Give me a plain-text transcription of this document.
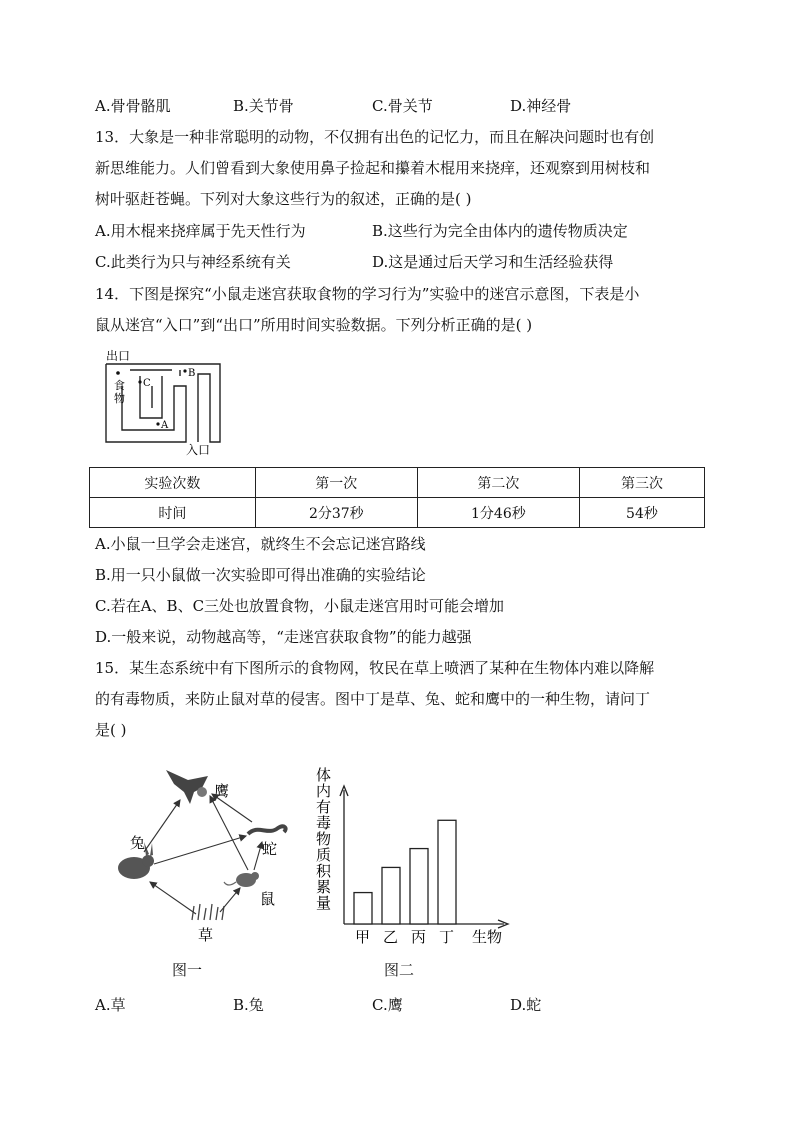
A.骨骨骼肌	B.关节骨	C.骨关节	D.神经骨
13．大象是一种非常聪明的动物，不仅拥有出色的记忆力，而且在解决问题时也有创
新思维能力。人们曾看到大象使用鼻子捡起和攥着木棍用来挠痒，还观察到用树枝和
树叶驱赶苍蝇。下列对大象这些行为的叙述，正确的是( )
A.用木棍来挠痒属于先天性行为	B.这些行为完全由体内的遗传物质决定
C.此类行为只与神经系统有关	D.这是通过后天学习和生活经验获得
14．下图是探究“小鼠走迷宫获取食物的学习行为”实验中的迷宫示意图，下表是小
鼠从迷宫“入口”到“出口”所用时间实验数据。下列分析正确的是( )
出口
食
物
C
B
A
入口
实验次数	第一次	第二次	第三次
时间	2分37秒	1分46秒	54秒
A.小鼠一旦学会走迷宫，就终生不会忘记迷宫路线
B.用一只小鼠做一次实验即可得出准确的实验结论
C.若在A、B、C三处也放置食物，小鼠走迷宫用时可能会增加
D.一般来说，动物越高等，“走迷宫获取食物”的能力越强
15．某生态系统中有下图所示的食物网，牧民在草上喷洒了某种在生物体内难以降解
的有毒物质，来防止鼠对草的侵害。图中丁是草、兔、蛇和鹰中的一种生物，请问丁
是( )
鹰
兔	蛇
鼠
草
图一
体
内
有
毒
物
质
积
累
量
甲 乙 丙 丁 生物
图二
A.草	B.兔	C.鹰	D.蛇
